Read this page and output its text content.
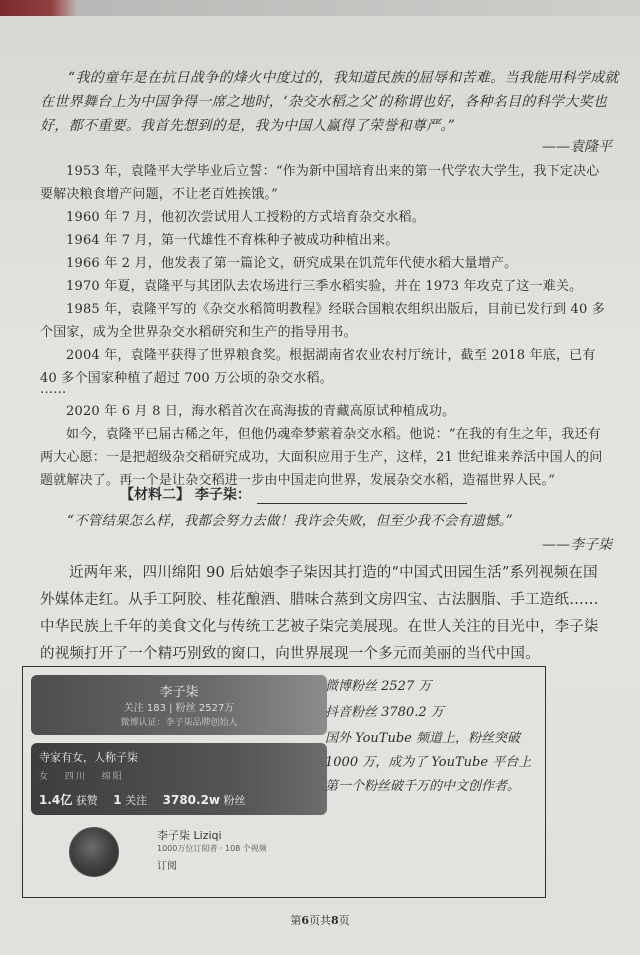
“我的童年是在抗日战争的烽火中度过的，我知道民族的屈辱和苦难。当我能用科学成就在世界舞台上为中国争得一席之地时，‘杂交水稻之父’的称谓也好，各种名目的科学大奖也好，都不重要。我首先想到的是，我为中国人赢得了荣誉和尊严。”
——袁隆平
1953 年，袁隆平大学毕业后立誓：“作为新中国培育出来的第一代学农大学生，我下定决心要解决粮食增产问题，不让老百姓挨饿。”
1960 年 7 月，他初次尝试用人工授粉的方式培育杂交水稻。
1964 年 7 月，第一代雄性不育株种子被成功种植出来。
1966 年 2 月，他发表了第一篇论文，研究成果在饥荒年代使水稻大量增产。
1970 年夏，袁隆平与其团队去农场进行三季水稻实验，并在 1973 年攻克了这一难关。
1985 年，袁隆平写的《杂交水稻简明教程》经联合国粮农组织出版后，目前已发行到 40 多个国家，成为全世界杂交水稻研究和生产的指导用书。
2004 年，袁隆平获得了世界粮食奖。根据湖南省农业农村厅统计，截至 2018 年底，已有 40 多个国家种植了超过 700 万公顷的杂交水稻。
……
2020 年 6 月 8 日，海水稻首次在高海拔的青藏高原试种植成功。
如今，袁隆平已届古稀之年，但他仍魂牵梦萦着杂交水稻。他说：“在我的有生之年，我还有两大心愿：一是把超级杂交稻研究成功，大面积应用于生产，这样，21 世纪谁来养活中国人的问题就解决了。再一个是让杂交稻进一步由中国走向世界，发展杂交水稻，造福世界人民。”
【材料二】 李子柒：
“不管结果怎么样，我都会努力去做！我许会失败，但至少我不会有遗憾。”
——李子柒
近两年来，四川绵阳 90 后姑娘李子柒因其打造的“中国式田园生活”系列视频在国外媒体走红。从手工阿胶、桂花酿酒、腊味合蒸到文房四宝、古法胭脂、手工造纸……中华民族上千年的美食文化与传统工艺被子柒完美展现。在世人关注的目光中，李子柒的视频打开了一个精巧别致的窗口，向世界展现一个多元而美丽的当代中国。
李子柒
关注 183 | 粉丝 2527万
微博认证：李子柒品牌创始人
寺家有女，人称子柒
女 四川 绵阳
1.4亿 获赞 1 关注 3780.2w 粉丝
李子柒 Liziqi
1000万位订阅者 · 108 个视频
订阅
微博粉丝 2527 万
抖音粉丝 3780.2 万
国外 YouTube 频道上，粉丝突破 1000 万，成为了 YouTube 平台上第一个粉丝破千万的中文创作者。
第6页共8页
